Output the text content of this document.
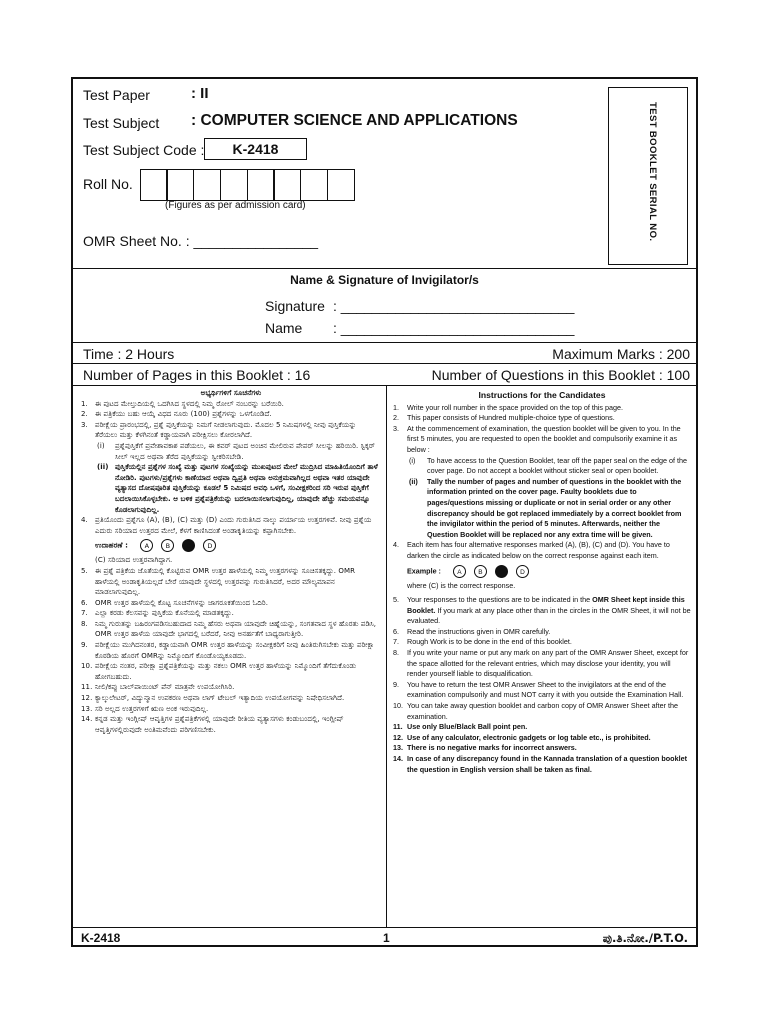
Test Paper	: II
Test Subject : COMPUTER SCIENCE AND APPLICATIONS
Test Subject Code :	K-2418
Roll No.
(Figures as per admission card)
OMR Sheet No. : ________________	TEST BOOKLET SERIAL NO.
Name & Signature of Invigilator/s
Signature : ______________________________
Name : ______________________________
Time : 2 Hours	Maximum Marks : 200
Number of Pages in this Booklet : 16	Number of Questions in this Booklet : 100

ಅಭ್ಯರ್ಥಿಗಳಿಗೆ ಸೂಚನೆಗಳು

1. ಈ ಪುಟದ ಮೇಲ್ತುದಿಯಲ್ಲಿ ಒದಗಿಸಿದ ಸ್ಥಳದಲ್ಲಿ ನಿಮ್ಮ ರೋಲ್ ನಂಬರನ್ನು ಬರೆಯಿರಿ.
2. ಈ ಪತ್ರಿಕೆಯು ಬಹು ಆಯ್ಕೆ ವಿಧದ ನೂರು (100) ಪ್ರಶ್ನೆಗಳನ್ನು ಒಳಗೊಂಡಿದೆ.
3. ಪರೀಕ್ಷೆಯ ಪ್ರಾರಂಭದಲ್ಲಿ, ಪ್ರಶ್ನೆ ಪುಸ್ತಿಕೆಯನ್ನು ನಿಮಗೆ ನೀಡಲಾಗುವುದು. ಮೊದಲ 5 ನಿಮಿಷಗಳಲ್ಲಿ ನೀವು ಪುಸ್ತಿಕೆಯನ್ನು ತೆರೆಯಲು ಮತ್ತು ಕೆಳಗಿನಂತೆ ಕಡ್ಡಾಯವಾಗಿ ಪರೀಕ್ಷಿಸಲು ಕೋರಲಾಗಿದೆ.
(i) ಪ್ರಶ್ನೆಪುಸ್ತಿಕೆಗೆ ಪ್ರವೇಶಾವಕಾಶ ಪಡೆಯಲು, ಈ ಕವರ್ ಪುಟದ ಅಂಚಿನ ಮೇಲಿರುವ ಪೇಪರ್ ಸೀಲನ್ನು ಹರಿಯಿರಿ. ಸ್ಟಿಕ್ಕರ್ ಸೀಲ್ ಇಲ್ಲದ ಅಥವಾ ತೆರೆದ ಪುಸ್ತಿಕೆಯನ್ನು ಸ್ವೀಕರಿಸಬೇಡಿ.
(ii) ಪುಸ್ತಿಕೆಯಲ್ಲಿನ ಪ್ರಶ್ನೆಗಳ ಸಂಖ್ಯೆ ಮತ್ತು ಪುಟಗಳ ಸಂಖ್ಯೆಯನ್ನು ಮುಖಪುಟದ ಮೇಲೆ ಮುದ್ರಿಸಿದ ಮಾಹಿತಿಯೊಂದಿಗೆ ತಾಳೆ ನೋಡಿರಿ. ಪುಟಗಳು/ಪ್ರಶ್ನೆಗಳು ಕಾಣೆಯಾದ ಅಥವಾ ದ್ವಿಪ್ರತಿ ಅಥವಾ ಅನುಕ್ರಮವಾಗಿಲ್ಲದ ಅಥವಾ ಇತರ ಯಾವುದೇ ವ್ಯತ್ಯಾಸದ ದೋಷಪೂರಿತ ಪುಸ್ತಿಕೆಯನ್ನು ಕೂಡಲೆ 5 ನಿಮಿಷದ ಅವಧಿ ಒಳಗೆ, ಸಂವೀಕ್ಷಕರಿಂದ ಸರಿ ಇರುವ ಪುಸ್ತಿಕೆಗೆ ಬದಲಾಯಿಸಿಕೊಳ್ಳಬೇಕು. ಆ ಬಳಿಕ ಪ್ರಶ್ನೆಪತ್ರಿಕೆಯನ್ನು ಬದಲಾಯಿಸಲಾಗುವುದಿಲ್ಲ, ಯಾವುದೇ ಹೆಚ್ಚು ಸಮಯವನ್ನೂ ಕೊಡಲಾಗುವುದಿಲ್ಲ.
4. ಪ್ರತಿಯೊಂದು ಪ್ರಶ್ನೆಗೂ (A), (B), (C) ಮತ್ತು (D) ಎಂದು ಗುರುತಿಸಿದ ನಾಲ್ಕು ಪರ್ಯಾಯ ಉತ್ತರಗಳಿವೆ. ನೀವು ಪ್ರಶ್ನೆಯ ಎದುರು ಸರಿಯಾದ ಉತ್ತರದ ಮೇಲೆ, ಕೆಳಗೆ ಕಾಣಿಸಿದಂತೆ ಅಂಡಾಕೃತಿಯನ್ನು ಕಪ್ಪಾಗಿಸಬೇಕು.
ಉದಾಹರಣೆ :	A	B	C	D
(C) ಸರಿಯಾದ ಉತ್ತರವಾಗಿದ್ದಾಗ.
5. ಈ ಪ್ರಶ್ನೆ ಪತ್ರಿಕೆಯ ಜೊತೆಯಲ್ಲಿ ಕೊಟ್ಟಿರುವ OMR ಉತ್ತರ ಹಾಳೆಯಲ್ಲಿ ನಿಮ್ಮ ಉತ್ತರಗಳನ್ನು ಸೂಚಿಸತಕ್ಕದ್ದು. OMR ಹಾಳೆಯಲ್ಲಿ ಅಂಡಾಕೃತಿಯಲ್ಲದೆ ಬೇರೆ ಯಾವುದೇ ಸ್ಥಳದಲ್ಲಿ ಉತ್ತರವನ್ನು ಗುರುತಿಸಿದರೆ, ಅದರ ಮೌಲ್ಯಮಾಪನ ಮಾಡಲಾಗುವುದಿಲ್ಲ.
6. OMR ಉತ್ತರ ಹಾಳೆಯಲ್ಲಿ ಕೊಟ್ಟ ಸೂಚನೆಗಳನ್ನು ಜಾಗರೂಕತೆಯಿಂದ ಓದಿರಿ.
7. ಎಲ್ಲಾ ಕರಡು ಕೆಲಸವನ್ನು ಪುಸ್ತಿಕೆಯ ಕೊನೆಯಲ್ಲಿ ಮಾಡತಕ್ಕದ್ದು.
8. ನಿಮ್ಮ ಗುರುತನ್ನು ಬಹಿರಂಗಪಡಿಸಬಹುದಾದ ನಿಮ್ಮ ಹೆಸರು ಅಥವಾ ಯಾವುದೇ ಚಿಹ್ನೆಯನ್ನು, ಸಂಗತವಾದ ಸ್ಥಳ ಹೊರತು ಪಡಿಸಿ, OMR ಉತ್ತರ ಹಾಳೆಯ ಯಾವುದೇ ಭಾಗದಲ್ಲಿ ಬರೆದರೆ, ನೀವು ಅನರ್ಹತೆಗೆ ಬಾಧ್ಯರಾಗುತ್ತೀರಿ.
9. ಪರೀಕ್ಷೆಯು ಮುಗಿದನಂತರ, ಕಡ್ಡಾಯವಾಗಿ OMR ಉತ್ತರ ಹಾಳೆಯನ್ನು ಸಂವೀಕ್ಷಕರಿಗೆ ನೀವು ಹಿಂತಿರುಗಿಸಬೇಕು ಮತ್ತು ಪರೀಕ್ಷಾ ಕೊಠಡಿಯ ಹೊರಗೆ OMRನ್ನು ನಿಮ್ಮೊಂದಿಗೆ ಕೊಂಡೊಯ್ಯಕೂಡದು.
10. ಪರೀಕ್ಷೆಯ ನಂತರ, ಪರೀಕ್ಷಾ ಪ್ರಶ್ನೆಪತ್ರಿಕೆಯನ್ನು ಮತ್ತು ನಕಲು OMR ಉತ್ತರ ಹಾಳೆಯನ್ನು ನಿಮ್ಮೊಂದಿಗೆ ತೆಗೆದುಕೊಂಡು ಹೋಗಬಹುದು.
11. ನೀಲಿ/ಕಪ್ಪು ಬಾಲ್‌ಪಾಯಿಂಟ್ ಪೆನ್ ಮಾತ್ರವೇ ಉಪಯೋಗಿಸಿರಿ.
12. ಕ್ಯಾಲ್ಕುಲೇಟರ್, ವಿದ್ಯುನ್ಮಾನ ಉಪಕರಣ ಅಥವಾ ಲಾಗ್ ಟೇಬಲ್ ಇತ್ಯಾದಿಯ ಉಪಯೋಗವನ್ನು ನಿಷೇಧಿಸಲಾಗಿದೆ.
13. ಸರಿ ಅಲ್ಲದ ಉತ್ತರಗಳಿಗೆ ಋಣ ಅಂಕ ಇರುವುದಿಲ್ಲ.
14. ಕನ್ನಡ ಮತ್ತು ಇಂಗ್ಲೀಷ್ ಆವೃತ್ತಿಗಳ ಪ್ರಶ್ನೆಪತ್ರಿಕೆಗಳಲ್ಲಿ ಯಾವುದೇ ರೀತಿಯ ವ್ಯತ್ಯಾಸಗಳು ಕಂಡುಬಂದಲ್ಲಿ, ಇಂಗ್ಲೀಷ್ ಆವೃತ್ತಿಗಳಲ್ಲಿರುವುದೇ ಅಂತಿಮವೆಂದು ಪರಿಗಣಿಸಬೇಕು.

Instructions for the Candidates

1. Write your roll number in the space provided on the top of this page.
2. This paper consists of Hundred multiple-choice type of questions.
3. At the commencement of examination, the question booklet will be given to you. In the first 5 minutes, you are requested to open the booklet and compulsorily examine it as below :
(i) To have access to the Question Booklet, tear off the paper seal on the edge of the cover page. Do not accept a booklet without sticker seal or open booklet.
(ii) Tally the number of pages and number of questions in the booklet with the information printed on the cover page. Faulty booklets due to pages/questions missing or duplicate or not in serial order or any other discrepancy should be got replaced immediately by a correct booklet from the invigilator within the period of 5 minutes. Afterwards, neither the Question Booklet will be replaced nor any extra time will be given.
4. Each item has four alternative responses marked (A), (B), (C) and (D). You have to darken the circle as indicated below on the correct response against each item.
Example :	A	B	C	D
where (C) is the correct response.
5. Your responses to the questions are to be indicated in the OMR Sheet kept inside this Booklet. If you mark at any place other than in the circles in the OMR Sheet, it will not be evaluated.
6. Read the instructions given in OMR carefully.
7. Rough Work is to be done in the end of this booklet.
8. If you write your name or put any mark on any part of the OMR Answer Sheet, except for the space allotted for the relevant entries, which may disclose your identity, you will render yourself liable to disqualification.
9. You have to return the test OMR Answer Sheet to the invigilators at the end of the examination compulsorily and must NOT carry it with you outside the Examination Hall.
10. You can take away question booklet and carbon copy of OMR Answer Sheet after the examination.
11. Use only Blue/Black Ball point pen.
12. Use of any calculator, electronic gadgets or log table etc., is prohibited.
13. There is no negative marks for incorrect answers.
14. In case of any discrepancy found in the Kannada translation of a question booklet the question in English version shall be taken as final.
K-2418	1	ಪು.ತಿ.ನೋ./P.T.O.
